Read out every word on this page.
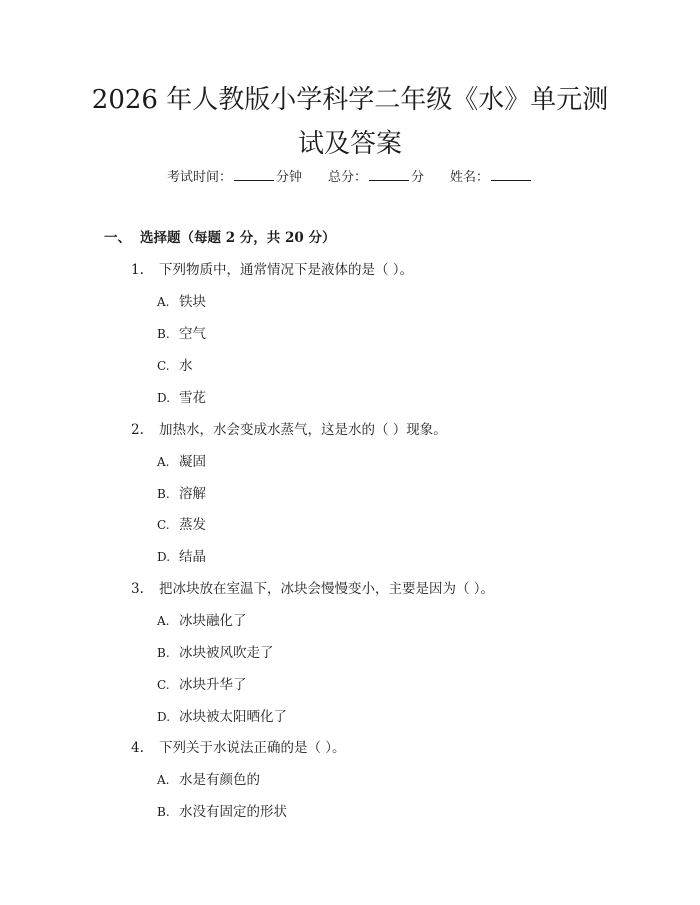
2026 年人教版小学科学二年级《水》单元测
试及答案
考试时间：	分钟 总分：	分 姓名：
一、 选择题（每题 2 分，共 20 分）
1. 下列物质中，通常情况下是液体的是（ ）。
A. 铁块
B. 空气
C. 水
D. 雪花
2. 加热水，水会变成水蒸气，这是水的（ ）现象。
A. 凝固
B. 溶解
C. 蒸发
D. 结晶
3. 把冰块放在室温下，冰块会慢慢变小，主要是因为（ ）。
A. 冰块融化了
B. 冰块被风吹走了
C. 冰块升华了
D. 冰块被太阳晒化了
4. 下列关于水说法正确的是（ ）。
A. 水是有颜色的
B. 水没有固定的形状
